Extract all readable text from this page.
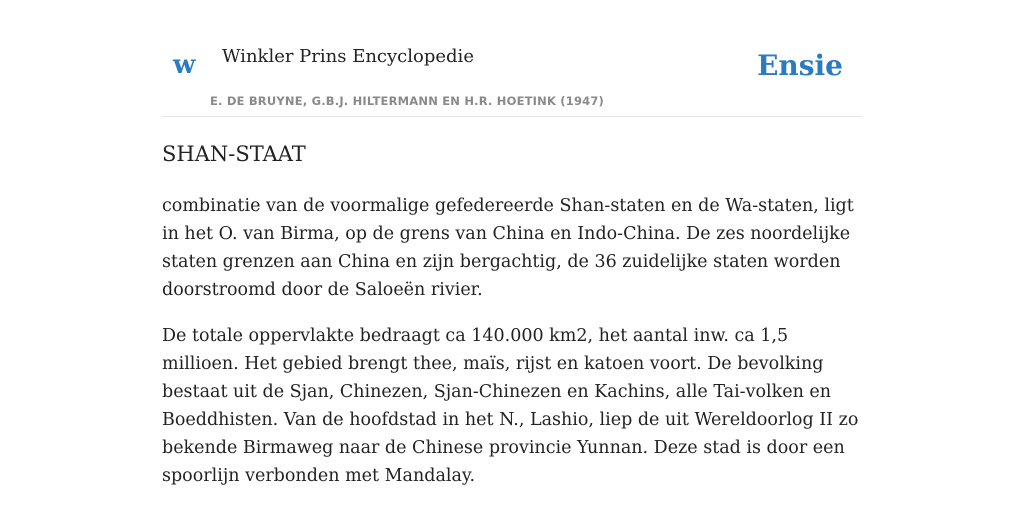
w Winkler Prins Encyclopedie
E. DE BRUYNE, G.B.J. HILTERMANN EN H.R. HOETINK (1947)
Ensie
SHAN-STAAT

combinatie van de voormalige gefedereerde Shan-staten en de Wa-staten, ligt in het O. van Birma, op de grens van China en Indo-China. De zes noordelijke staten grenzen aan China en zijn bergachtig, de 36 zuidelijke staten worden doorstroomd door de Saloeën rivier.

De totale oppervlakte bedraagt ca 140.000 km2, het aantal inw. ca 1,5 millioen. Het gebied brengt thee, maïs, rijst en katoen voort. De bevolking bestaat uit de Sjan, Chinezen, Sjan-Chinezen en Kachins, alle Tai-volken en Boeddhisten. Van de hoofdstad in het N., Lashio, liep de uit Wereldoorlog II zo bekende Birmaweg naar de Chinese provincie Yunnan. Deze stad is door een spoorlijn verbonden met Mandalay.
